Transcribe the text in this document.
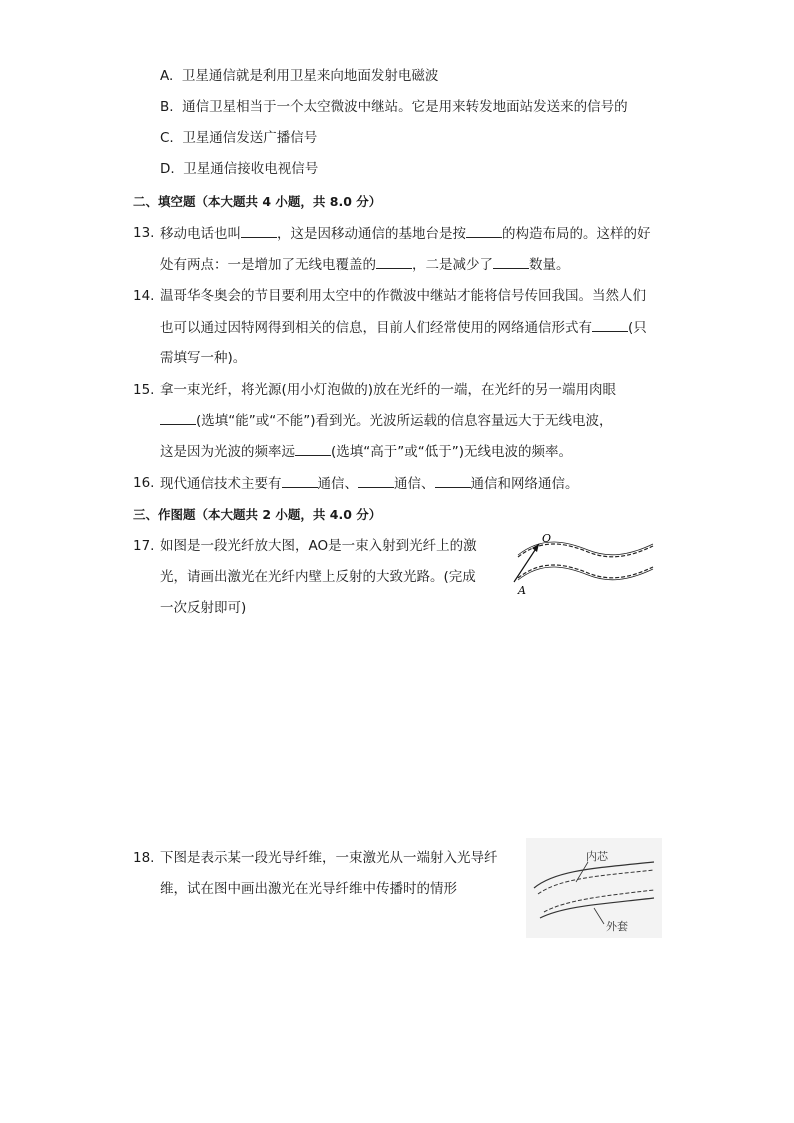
A. 卫星通信就是利用卫星来向地面发射电磁波
B. 通信卫星相当于一个太空微波中继站。它是用来转发地面站发送来的信号的
C. 卫星通信发送广播信号
D. 卫星通信接收电视信号
二、填空题（本大题共 4 小题，共 8.0 分）
13. 移动电话也叫	，这是因移动通信的基地台是按	的构造布局的。这样的好
处有两点：一是增加了无线电覆盖的	，二是减少了	数量。
14. 温哥华冬奥会的节目要利用太空中的作微波中继站才能将信号传回我国。当然人们
也可以通过因特网得到相关的信息，目前人们经常使用的网络通信形式有	(只
需填写一种)。
15. 拿一束光纤，将光源(用小灯泡做的)放在光纤的一端，在光纤的另一端用肉眼
(选填“能”或“不能”)看到光。光波所运载的信息容量远大于无线电波，
这是因为光波的频率远	(选填“高于”或“低于”)无线电波的频率。
16. 现代通信技术主要有	通信、	通信、	通信和网络通信。
三、作图题（本大题共 2 小题，共 4.0 分）
17. 如图是一段光纤放大图，AO是一束入射到光纤上的激
光，请画出激光在光纤内壁上反射的大致光路。(完成
一次反射即可)
O
A
18. 下图是表示某一段光导纤维，一束激光从一端射入光导纤
维，试在图中画出激光在光导纤维中传播时的情形
内芯
外套
